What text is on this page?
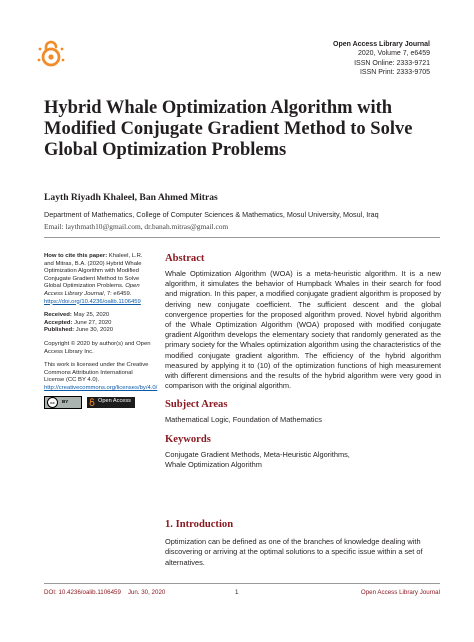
Open Access Library Journal
2020, Volume 7, e6459
ISSN Online: 2333-9721
ISSN Print: 2333-9705
Hybrid Whale Optimization Algorithm with Modified Conjugate Gradient Method to Solve Global Optimization Problems
Layth Riyadh Khaleel, Ban Ahmed Mitras
Department of Mathematics, College of Computer Sciences & Mathematics, Mosul University, Mosul, Iraq
Email: laythmath10@gmail.com, dr.banah.mitras@gmail.com

How to cite this paper: Khaleel, L.R. and Mitras, B.A. (2020) Hybrid Whale Optimization Algorithm with Modified Conjugate Gradient Method to Solve Global Optimization Problems. Open Access Library Journal, 7: e6459.
https://doi.org/10.4236/oalib.1106459

Received: May 25, 2020
Accepted: June 27, 2020
Published: June 30, 2020

Copyright © 2020 by author(s) and Open Access Library Inc.

This work is licensed under the Creative Commons Attribution International License (CC BY 4.0).
http://creativecommons.org/licenses/by/4.0/

cc	BY	Open Access
Abstract

Whale Optimization Algorithm (WOA) is a meta-heuristic algorithm. It is a new algorithm, it simulates the behavior of Humpback Whales in their search for food and migration. In this paper, a modified conjugate gradient algorithm is proposed by deriving new conjugate coefficient. The sufficient descent and the global convergence properties for the proposed algorithm proved. Novel hybrid algorithm of the Whale Optimization Algorithm (WOA) proposed with modified conjugate gradient Algorithm develops the elementary society that randomly generated as the primary society for the Whales optimization algorithm using the characteristics of the modified conjugate gradient algorithm. The efficiency of the hybrid algorithm measured by applying it to (10) of the optimization functions of high measurement with different dimensions and the results of the hybrid algorithm were very good in comparison with the original algorithm.

Subject Areas

Mathematical Logic, Foundation of Mathematics

Keywords

Conjugate Gradient Methods, Meta-Heuristic Algorithms,

Whale Optimization Algorithm

1. Introduction
Optimization can be defined as one of the branches of knowledge dealing with discovering or arriving at the optimal solutions to a specific issue within a set of alternatives.
DOI: 10.4236/oalib.1106459    Jun. 30, 2020	1	Open Access Library Journal
